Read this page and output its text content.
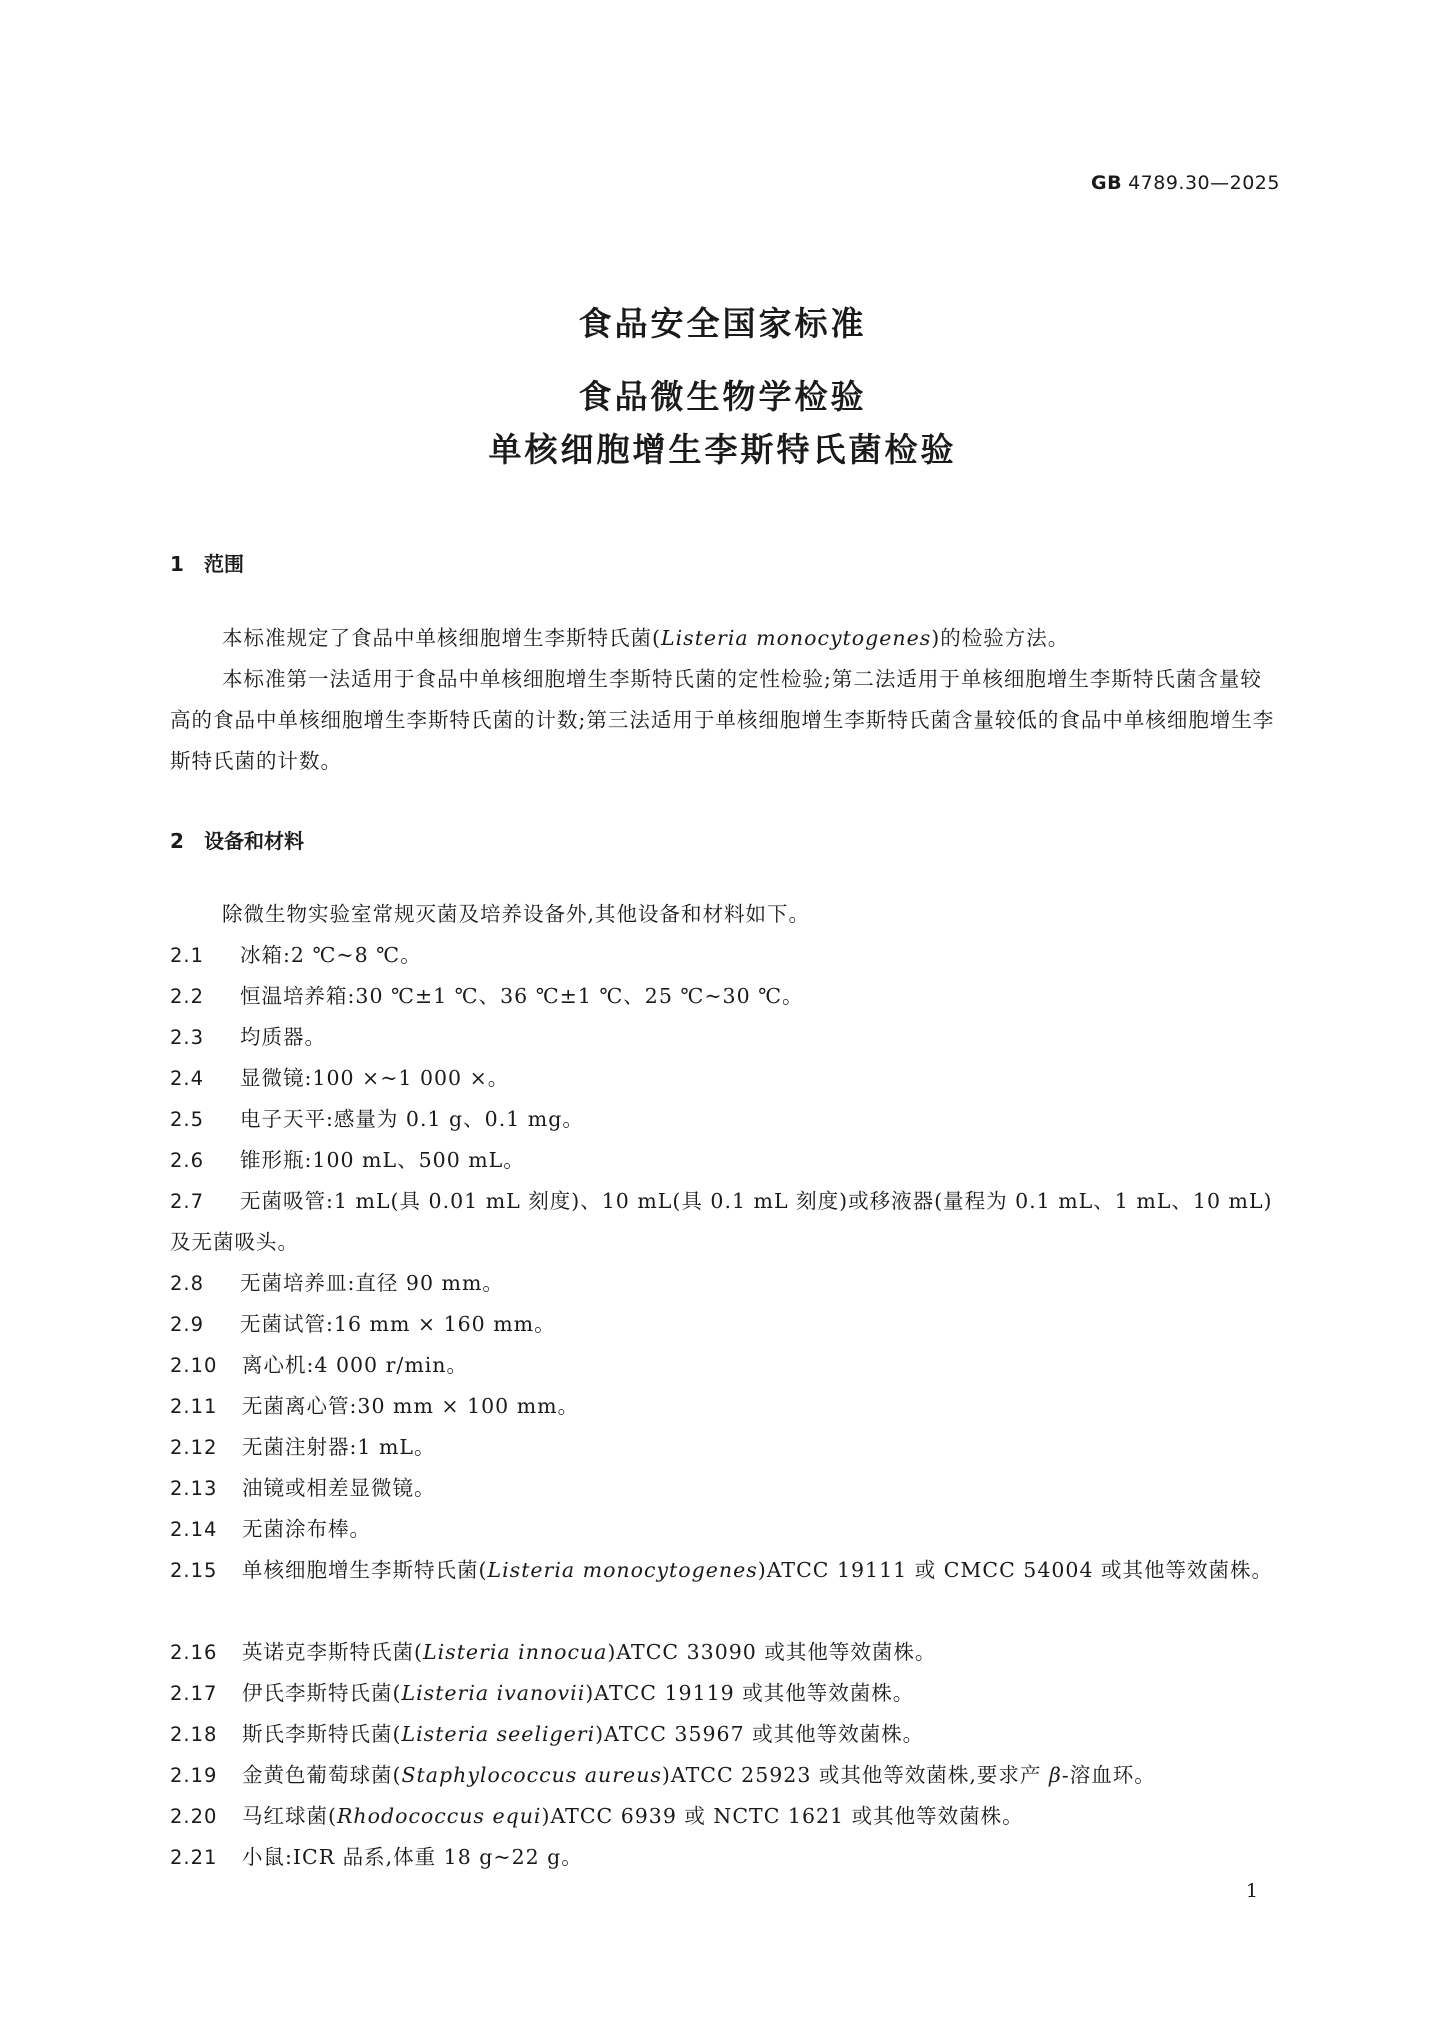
GB 4789.30—2025
食品安全国家标准
食品微生物学检验
单核细胞增生李斯特氏菌检验
1 范围
本标准规定了食品中单核细胞增生李斯特氏菌(Listeria monocytogenes)的检验方法。
本标准第一法适用于食品中单核细胞增生李斯特氏菌的定性检验;第二法适用于单核细胞增生李斯特氏菌含量较高的食品中单核细胞增生李斯特氏菌的计数;第三法适用于单核细胞增生李斯特氏菌含量较低的食品中单核细胞增生李斯特氏菌的计数。
2 设备和材料
除微生物实验室常规灭菌及培养设备外,其他设备和材料如下。
2.1 冰箱:2 ℃~8 ℃。
2.2 恒温培养箱:30 ℃±1 ℃、36 ℃±1 ℃、25 ℃~30 ℃。
2.3 均质器。
2.4 显微镜:100 ×~1 000 ×。
2.5 电子天平:感量为 0.1 g、0.1 mg。
2.6 锥形瓶:100 mL、500 mL。
2.7 无菌吸管:1 mL(具 0.01 mL 刻度)、10 mL(具 0.1 mL 刻度)或移液器(量程为 0.1 mL、1 mL、10 mL) 及无菌吸头。
2.8 无菌培养皿:直径 90 mm。
2.9 无菌试管:16 mm × 160 mm。
2.10 离心机:4 000 r/min。
2.11 无菌离心管:30 mm × 100 mm。
2.12 无菌注射器:1 mL。
2.13 油镜或相差显微镜。
2.14 无菌涂布棒。
2.15 单核细胞增生李斯特氏菌(Listeria monocytogenes)ATCC 19111 或 CMCC 54004 或其他等效菌株。
2.16 英诺克李斯特氏菌(Listeria innocua)ATCC 33090 或其他等效菌株。
2.17 伊氏李斯特氏菌(Listeria ivanovii)ATCC 19119 或其他等效菌株。
2.18 斯氏李斯特氏菌(Listeria seeligeri)ATCC 35967 或其他等效菌株。
2.19 金黄色葡萄球菌(Staphylococcus aureus)ATCC 25923 或其他等效菌株,要求产 β-溶血环。
2.20 马红球菌(Rhodococcus equi)ATCC 6939 或 NCTC 1621 或其他等效菌株。
2.21 小鼠:ICR 品系,体重 18 g~22 g。
1
